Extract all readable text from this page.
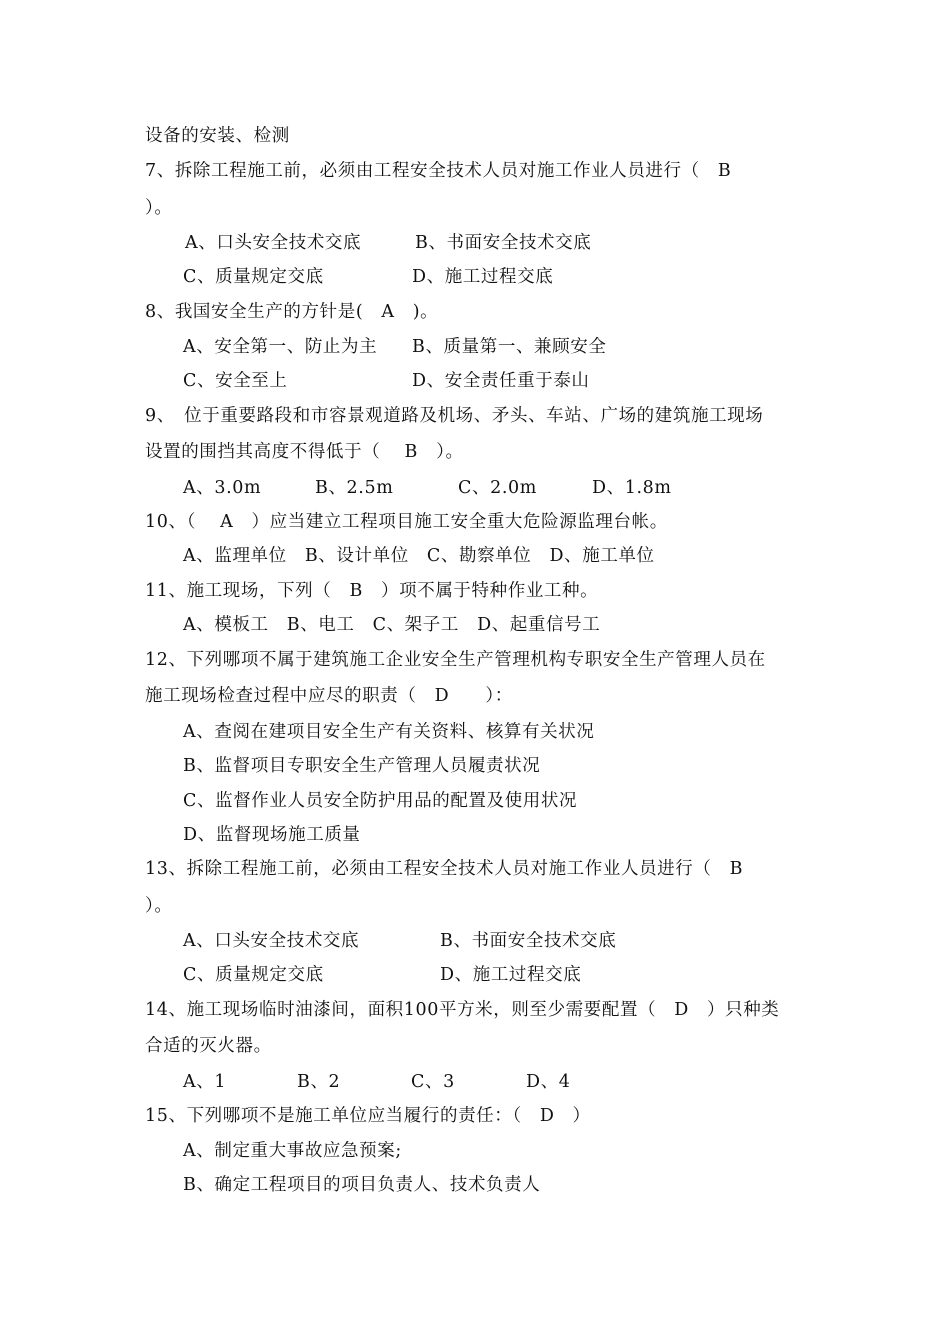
设备的安装、检测
7、拆除工程施工前，必须由工程安全技术人员对施工作业人员进行（　B
）。
A、口头安全技术交底	B、书面安全技术交底
C、质量规定交底	D、施工过程交底
8、我国安全生产的方针是(　A　)。
A、安全第一、防止为主 B、质量第一、兼顾安全
C、安全至上	D、安全责任重于泰山
9、　位于重要路段和市容景观道路及机场、矛头、车站、广场的建筑施工现场
设置的围挡其高度不得低于（　 B　）。
A、3.0m	B、2.5m	C、2.0m	D、1.8m
10、（　 A　）应当建立工程项目施工安全重大危险源监理台帐。
A、监理单位　B、设计单位　C、勘察单位　D、施工单位
11、施工现场，下列（　B　）项不属于特种作业工种。
A、模板工　B、电工　C、架子工　D、起重信号工
12、下列哪项不属于建筑施工企业安全生产管理机构专职安全生产管理人员在
施工现场检查过程中应尽的职责（　D　　）：
A、查阅在建项目安全生产有关资料、核算有关状况
B、监督项目专职安全生产管理人员履责状况
C、监督作业人员安全防护用品的配置及使用状况
D、监督现场施工质量
13、拆除工程施工前，必须由工程安全技术人员对施工作业人员进行（　B
）。
A、口头安全技术交底	B、书面安全技术交底
C、质量规定交底	D、施工过程交底
14、施工现场临时油漆间，面积100平方米，则至少需要配置（　D　）只种类
合适的灭火器。
A、1	B、2	C、3	D、4
15、下列哪项不是施工单位应当履行的责任：（　D　）
A、制定重大事故应急预案;
B、确定工程项目的项目负责人、技术负责人
